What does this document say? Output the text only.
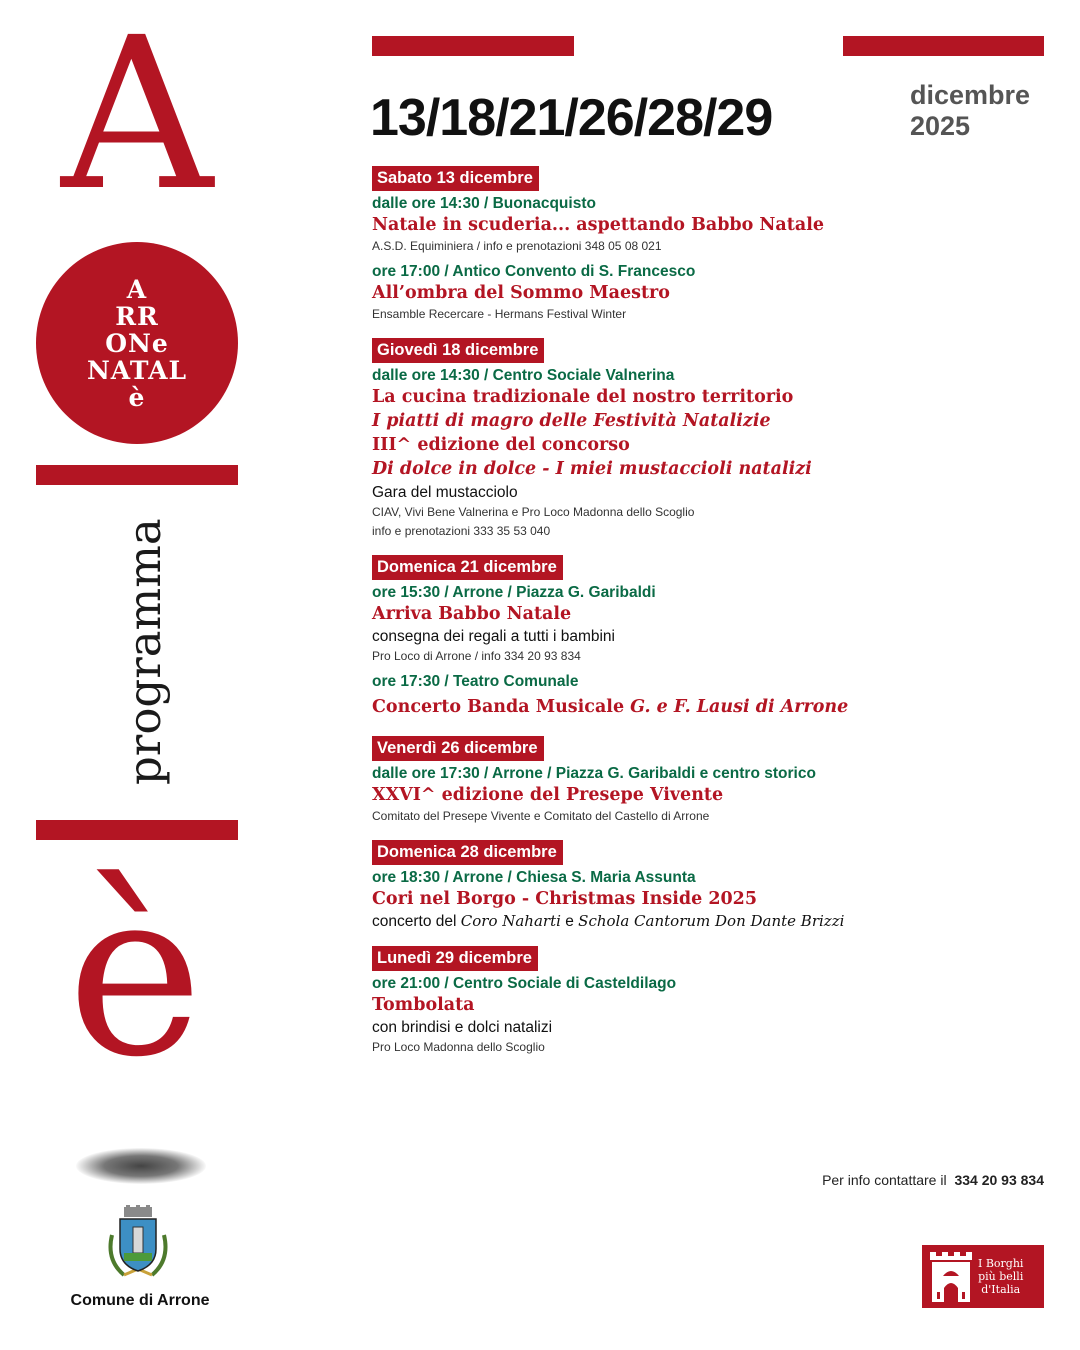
A
A
RR
ONe
NATAL
è
programma
è
Comune di Arrone
13/18/21/26/28/29	dicembre
2025
Sabato 13 dicembre
dalle ore 14:30 / Buonacquisto
Natale in scuderia... aspettando Babbo Natale
A.S.D. Equiminiera / info e prenotazioni 348 05 08 021
ore 17:00 / Antico Convento di S. Francesco
All’ombra del Sommo Maestro
Ensamble Recercare - Hermans Festival Winter
Giovedì 18 dicembre
dalle ore 14:30 / Centro Sociale Valnerina
La cucina tradizionale del nostro territorio
I piatti di magro delle Festività Natalizie
III^ edizione del concorso
Di dolce in dolce - I miei mustaccioli natalizi
Gara del mustacciolo
CIAV, Vivi Bene Valnerina e Pro Loco Madonna dello Scoglio
info e prenotazioni 333 35 53 040
Domenica 21 dicembre
ore 15:30 / Arrone / Piazza G. Garibaldi
Arriva Babbo Natale
consegna dei regali a tutti i bambini
Pro Loco di Arrone / info 334 20 93 834
ore 17:30 / Teatro Comunale
Concerto Banda Musicale G. e F. Lausi di Arrone
Venerdì 26 dicembre
dalle ore 17:30 / Arrone / Piazza G. Garibaldi e centro storico
XXVI^ edizione del Presepe Vivente
Comitato del Presepe Vivente e Comitato del Castello di Arrone
Domenica 28 dicembre
ore 18:30 / Arrone / Chiesa S. Maria Assunta
Cori nel Borgo - Christmas Inside 2025
concerto del Coro Naharti e Schola Cantorum Don Dante Brizzi
Lunedì 29 dicembre
ore 21:00 / Centro Sociale di Casteldilago
Tombolata
con brindisi e dolci natalizi
Pro Loco Madonna dello Scoglio
Per info contattare il 334 20 93 834
I Borghi
più belli
d'Italia
